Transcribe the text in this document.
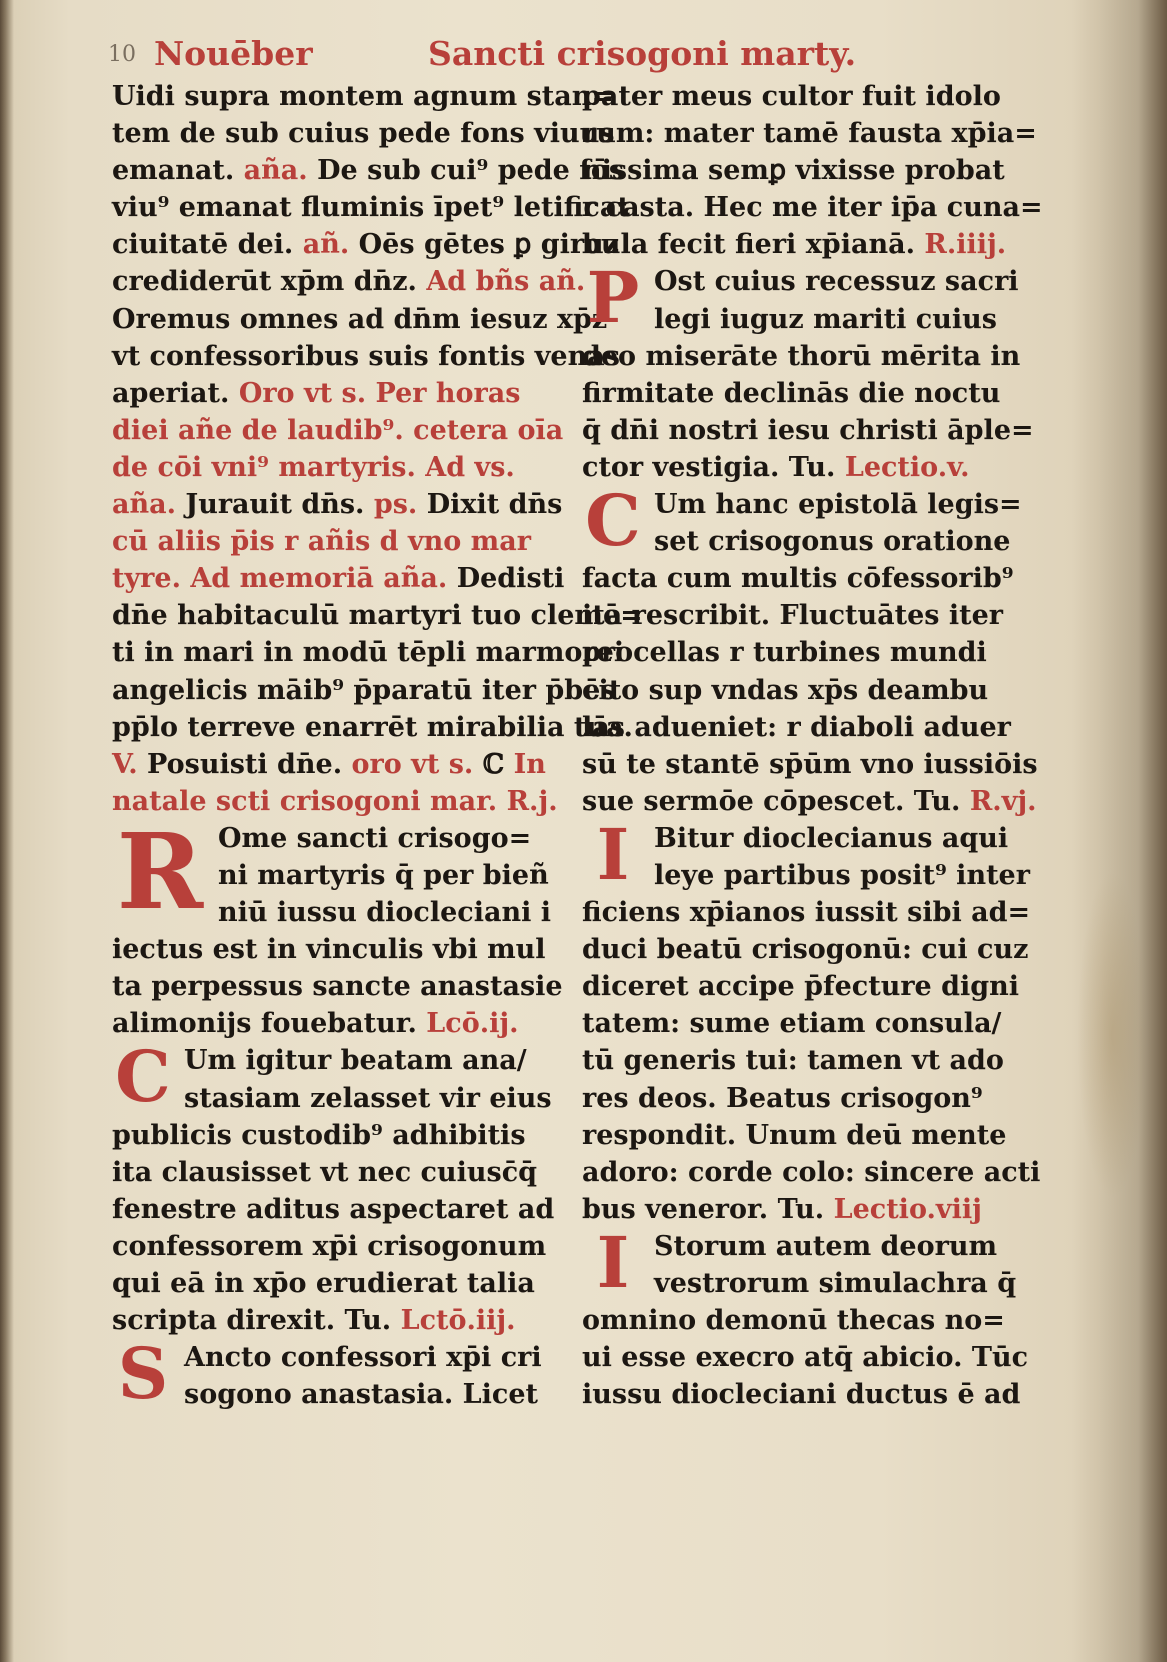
10 Nouēber	Sancti crisogoni marty.
Uidi supra montem agnum stan=
tem de sub cuius pede fons viuus
emanat. aña. De sub cui⁹ pede fōs
viu⁹ emanat fluminis īpet⁹ letificat
ciuitatē dei. añ. Oēs gētes ꝑ giruz
crediderūt xp̄m dn̄z. Ad bñs añ.
Oremus omnes ad dn̄m iesuz xp̄z
vt confessoribus suis fontis venas
aperiat. Oro vt s. Per horas
diei añe de laudib⁹. cetera oīa
de cōi vni⁹ martyris. Ad vs.
aña. Jurauit dn̄s. ps. Dixit dn̄s
cū aliis p̄is r añis d vno mar
tyre. Ad memoriā aña. Dedisti
dn̄e habitaculū martyri tuo clemē=
ti in mari in modū tēpli marmorei
angelicis māib⁹ p̄paratū iter p̄bēs
pp̄lo terreve enarrēt mirabilia tua.
V. Posuisti dn̄e. oro vt s. ℂ In
natale scti crisogoni mar. R.j.
R Ome sancti crisogo=
ni martyris q̄ per bieñ
niū iussu diocleciani i
iectus est in vinculis vbi mul
ta perpessus sancte anastasie
alimonijs fouebatur. Lcō.ij.
C Um igitur beatam ana/
stasiam zelasset vir eius
publicis custodib⁹ adhibitis
ita clausisset vt nec cuiusc̄q̄
fenestre aditus aspectaret ad
confessorem xp̄i crisogonum
qui eā in xp̄o erudierat talia
scripta direxit. Tu. Lctō.iij.
S Ancto confessori xp̄i cri
sogono anastasia. Licet
pater meus cultor fuit idolo
rum: mater tamē fausta xp̄ia=
nissima semꝑ vixisse probat
r casta. Hec me iter ip̄a cuna=
bula fecit fieri xp̄ianā. R.iiij.
P Ost cuius recessuz sacri
legi iuguz mariti cuius
deo miserāte thorū mērita in
firmitate declinās die noctu
q̄ dn̄i nostri iesu christi āple=
ctor vestigia. Tu. Lectio.v.
C Um hanc epistolā legis=
set crisogonus oratione
facta cum multis cōfessorib⁹
ita rescribit. Fluctuātes iter
procellas r turbines mundi
cito sup vndas xp̄s deambu
lās adueniet: r diaboli aduer
sū te stantē sp̄ūm vno iussiōis
sue sermōe cōpescet. Tu. R.vj.
I Bitur dioclecianus aqui
leye partibus posit⁹ inter
ficiens xp̄ianos iussit sibi ad=
duci beatū crisogonū: cui cuz
diceret accipe p̄fecture digni
tatem: sume etiam consula/
tū generis tui: tamen vt ado
res deos. Beatus crisogon⁹
respondit. Unum deū mente
adoro: corde colo: sincere acti
bus veneror. Tu. Lectio.viij
I Storum autem deorum
vestrorum simulachra q̄
omnino demonū thecas no=
ui esse execro atq̄ abicio. Tūc
iussu diocleciani ductus ē ad
